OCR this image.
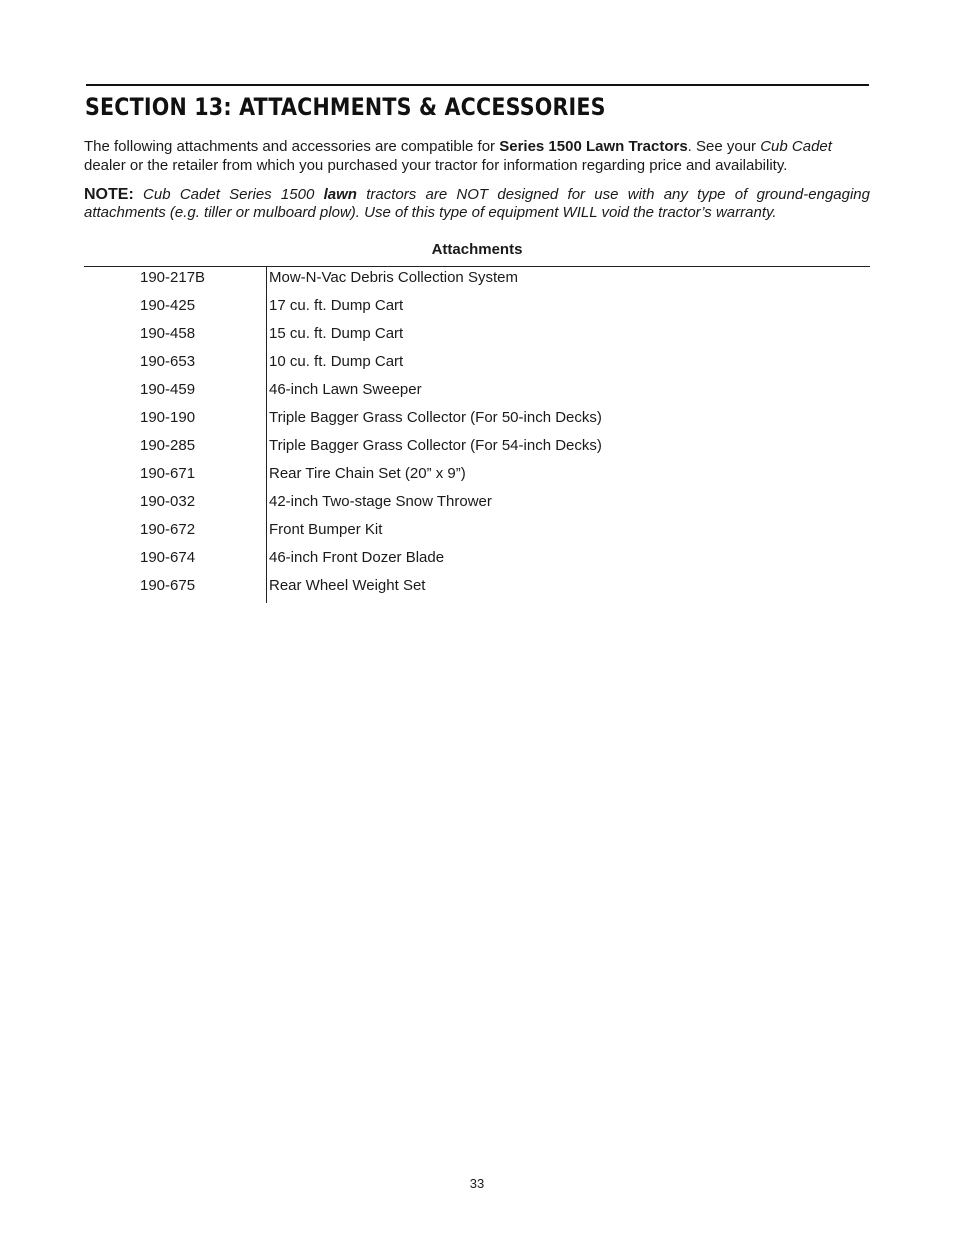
SECTION 13: ATTACHMENTS & ACCESSORIES

The following attachments and accessories are compatible for Series 1500 Lawn Tractors. See your Cub Cadet dealer or the retailer from which you purchased your tractor for information regarding price and availability.

NOTE: Cub Cadet Series 1500 lawn tractors are NOT designed for use with any type of ground-engaging attachments (e.g. tiller or mulboard plow). Use of this type of equipment WILL void the tractor’s warranty.

Attachments
190-217B	Mow-N-Vac Debris Collection System
190-425	17 cu. ft. Dump Cart
190-458	15 cu. ft. Dump Cart
190-653	10 cu. ft. Dump Cart
190-459	46-inch Lawn Sweeper
190-190	Triple Bagger Grass Collector (For 50-inch Decks)
190-285	Triple Bagger Grass Collector (For 54-inch Decks)
190-671	Rear Tire Chain Set (20” x 9”)
190-032	42-inch Two-stage Snow Thrower
190-672	Front Bumper Kit
190-674	46-inch Front Dozer Blade
190-675	Rear Wheel Weight Set
33
